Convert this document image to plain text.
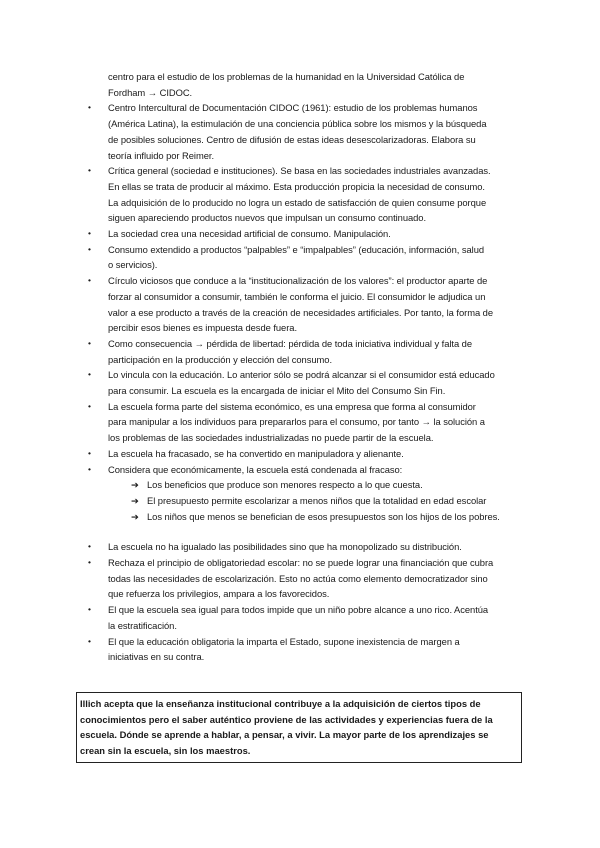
centro para el estudio de los problemas de la humanidad en la Universidad Católica de
Fordham → CIDOC.
• Centro Intercultural de Documentación CIDOC (1961): estudio de los problemas humanos
(América Latina), la estimulación de una conciencia pública sobre los mismos y la búsqueda
de posibles soluciones. Centro de difusión de estas ideas desescolarizadoras. Elabora su
teoría influido por Reimer.
• Crítica general (sociedad e instituciones). Se basa en las sociedades industriales avanzadas.
En ellas se trata de producir al máximo. Esta producción propicia la necesidad de consumo.
La adquisición de lo producido no logra un estado de satisfacción de quien consume porque
siguen apareciendo productos nuevos que impulsan un consumo continuado.
• La sociedad crea una necesidad artificial de consumo. Manipulación.
• Consumo extendido a productos “palpables” e “impalpables” (educación, información, salud
o servicios).
• Círculo viciosos que conduce a la “institucionalización de los valores”: el productor aparte de
forzar al consumidor a consumir, también le conforma el juicio. El consumidor le adjudica un
valor a ese producto a través de la creación de necesidades artificiales. Por tanto, la forma de
percibir esos bienes es impuesta desde fuera.
• Como consecuencia → pérdida de libertad: pérdida de toda iniciativa individual y falta de
participación en la producción y elección del consumo.
• Lo vincula con la educación. Lo anterior sólo se podrá alcanzar si el consumidor está educado
para consumir. La escuela es la encargada de iniciar el Mito del Consumo Sin Fin.
• La escuela forma parte del sistema económico, es una empresa que forma al consumidor
para manipular a los individuos para prepararlos para el consumo, por tanto → la solución a
los problemas de las sociedades industrializadas no puede partir de la escuela.
• La escuela ha fracasado, se ha convertido en manipuladora y alienante.
• Considera que económicamente, la escuela está condenada al fracaso:
➔ Los beneficios que produce son menores respecto a lo que cuesta.
➔ El presupuesto permite escolarizar a menos niños que la totalidad en edad escolar
➔ Los niños que menos se benefician de esos presupuestos son los hijos de los pobres.
• La escuela no ha igualado las posibilidades sino que ha monopolizado su distribución.
• Rechaza el principio de obligatoriedad escolar: no se puede lograr una financiación que cubra
todas las necesidades de escolarización. Esto no actúa como elemento democratizador sino
que refuerza los privilegios, ampara a los favorecidos.
• El que la escuela sea igual para todos impide que un niño pobre alcance a uno rico. Acentúa
la estratificación.
• El que la educación obligatoria la imparta el Estado, supone inexistencia de margen a
iniciativas en su contra.
Illich acepta que la enseñanza institucional contribuye a la adquisición de ciertos tipos de
conocimientos pero el saber auténtico proviene de las actividades y experiencias fuera de la
escuela. Dónde se aprende a hablar, a pensar, a vivir. La mayor parte de los aprendizajes se
crean sin la escuela, sin los maestros.
